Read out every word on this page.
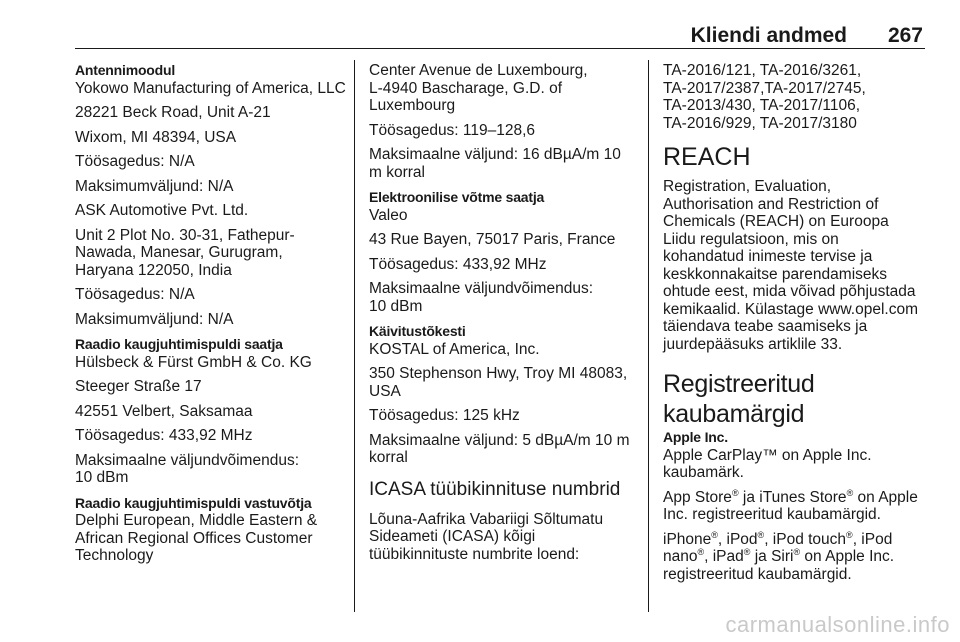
Kliendi andmed 267
Antennimoodul

Yokowo Manufacturing of America, LLC

28221 Beck Road, Unit A-21

Wixom, MI 48394, USA

Töösagedus: N/A

Maksimumväljund: N/A

ASK Automotive Pvt. Ltd.

Unit 2 Plot No. 30-31, Fathepur-
Nawada, Manesar, Gurugram,
Haryana 122050, India

Töösagedus: N/A

Maksimumväljund: N/A

Raadio kaugjuhtimispuldi saatja

Hülsbeck & Fürst GmbH & Co. KG

Steeger Straße 17

42551 Velbert, Saksamaa

Töösagedus: 433,92 MHz

Maksimaalne väljundvõimendus:
10 dBm

Raadio kaugjuhtimispuldi vastuvõtja

Delphi European, Middle Eastern &
African Regional Offices Customer
Technology

Center Avenue de Luxembourg,
L-4940 Bascharage, G.D. of
Luxembourg

Töösagedus: 119–128,6

Maksimaalne väljund: 16 dBµA/m 10
m korral

Elektroonilise võtme saatja

Valeo

43 Rue Bayen, 75017 Paris, France

Töösagedus: 433,92 MHz

Maksimaalne väljundvõimendus:
10 dBm

Käivitustõkesti

KOSTAL of America, Inc.

350 Stephenson Hwy, Troy MI 48083,
USA

Töösagedus: 125 kHz

Maksimaalne väljund: 5 dBµA/m 10 m
korral

ICASA tüübikinnituse numbrid

Lõuna-Aafrika Vabariigi Sõltumatu
Sideameti (ICASA) kõigi
tüübikinnituste numbrite loend:

TA-2016/121, TA-2016/3261,
TA-2017/2387,TA-2017/2745,
TA-2013/430, TA-2017/1106,
TA-2016/929, TA-2017/3180

REACH

Registration, Evaluation,
Authorisation and Restriction of
Chemicals (REACH) on Euroopa
Liidu regulatsioon, mis on
kohandatud inimeste tervise ja
keskkonnakaitse parendamiseks
ohtude eest, mida võivad põhjustada
kemikaalid. Külastage www.opel.com
täiendava teabe saamiseks ja
juurdepääsuks artiklile 33.

Registreeritud kaubamärgid
Apple Inc.

Apple CarPlay™ on Apple Inc.
kaubamärk.

App Store® ja iTunes Store® on Apple
Inc. registreeritud kaubamärgid.

iPhone®, iPod®, iPod touch®, iPod
nano®, iPad® ja Siri® on Apple Inc.
registreeritud kaubamärgid.

carmanualsonline.info
